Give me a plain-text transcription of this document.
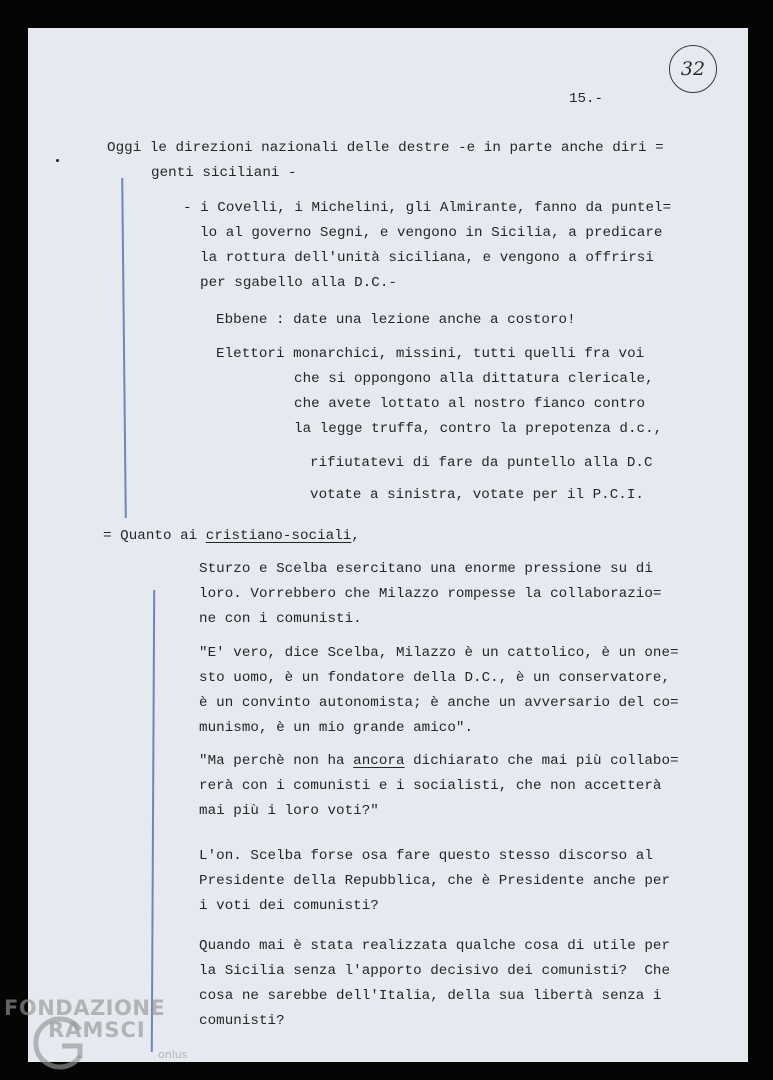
32
15.-
Oggi le direzioni nazionali delle destre -e in parte anche diri =
genti siciliani -
- i Covelli, i Michelini, gli Almirante, fanno da puntel=
lo al governo Segni, e vengono in Sicilia, a predicare
la rottura dell'unità siciliana, e vengono a offrirsi
per sgabello alla D.C.-
Ebbene : date una lezione anche a costoro!
Elettori monarchici, missini, tutti quelli fra voi
che si oppongono alla dittatura clericale,
che avete lottato al nostro fianco contro
la legge truffa, contro la prepotenza d.c.,
rifiutatevi di fare da puntello alla D.C
votate a sinistra, votate per il P.C.I.
= Quanto ai cristiano-sociali,
Sturzo e Scelba esercitano una enorme pressione su di
loro. Vorrebbero che Milazzo rompesse la collaborazio=
ne con i comunisti.
"E' vero, dice Scelba, Milazzo è un cattolico, è un one=
sto uomo, è un fondatore della D.C., è un conservatore,
è un convinto autonomista; è anche un avversario del co=
munismo, è un mio grande amico".
"Ma perchè non ha ancora dichiarato che mai più collabo=
rerà con i comunisti e i socialisti, che non accetterà
mai più i loro voti?"
L'on. Scelba forse osa fare questo stesso discorso al
Presidente della Repubblica, che è Presidente anche per
i voti dei comunisti?
Quando mai è stata realizzata qualche cosa di utile per
la Sicilia senza l'apporto decisivo dei comunisti?  Che
cosa ne sarebbe dell'Italia, della sua libertà senza i
comunisti?
FONDAZIONE
RAMSCI
onlus
